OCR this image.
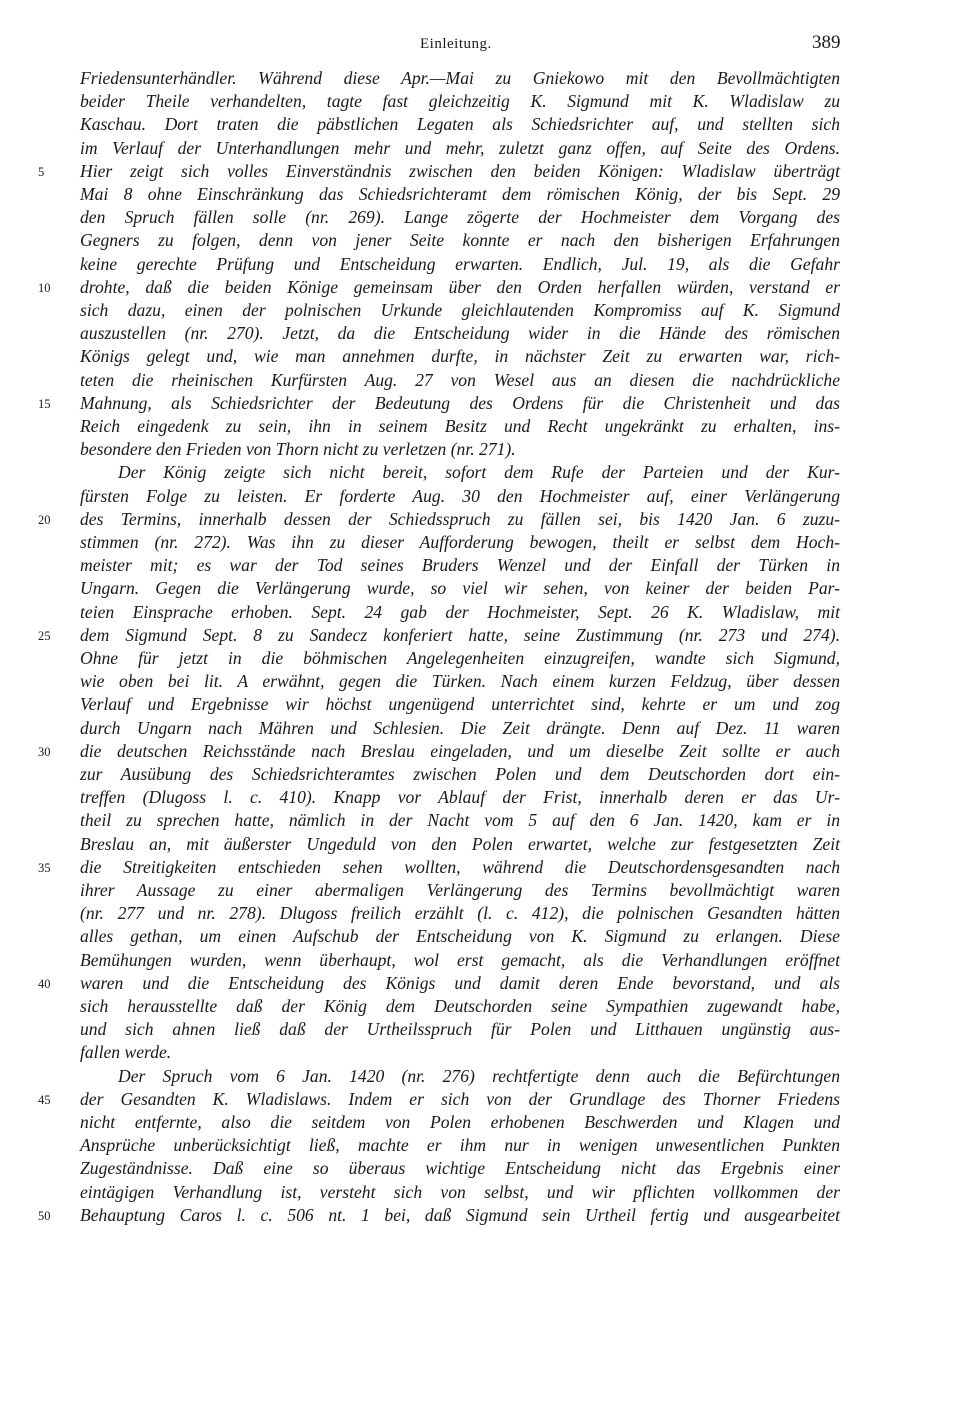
Einleitung.	389
Friedensunterhändler. Während diese Apr.—Mai zu Gniekowo mit den Bevollmächtigten
beider Theile verhandelten, tagte fast gleichzeitig K. Sigmund mit K. Wladislaw zu
Kaschau. Dort traten die päbstlichen Legaten als Schiedsrichter auf, und stellten sich
im Verlauf der Unterhandlungen mehr und mehr, zuletzt ganz offen, auf Seite des Ordens.
Hier zeigt sich volles Einverständnis zwischen den beiden Königen: Wladislaw überträgt
5
Mai 8 ohne Einschränkung das Schiedsrichteramt dem römischen König, der bis Sept. 29
den Spruch fällen solle (nr. 269). Lange zögerte der Hochmeister dem Vorgang des
Gegners zu folgen, denn von jener Seite konnte er nach den bisherigen Erfahrungen
keine gerechte Prüfung und Entscheidung erwarten. Endlich, Jul. 19, als die Gefahr
drohte, daß die beiden Könige gemeinsam über den Orden herfallen würden, verstand er
10
sich dazu, einen der polnischen Urkunde gleichlautenden Kompromiss auf K. Sigmund
auszustellen (nr. 270). Jetzt, da die Entscheidung wider in die Hände des römischen
Königs gelegt und, wie man annehmen durfte, in nächster Zeit zu erwarten war, rich-
teten die rheinischen Kurfürsten Aug. 27 von Wesel aus an diesen die nachdrückliche
Mahnung, als Schiedsrichter der Bedeutung des Ordens für die Christenheit und das
15
Reich eingedenk zu sein, ihn in seinem Besitz und Recht ungekränkt zu erhalten, ins-
besondere den Frieden von Thorn nicht zu verletzen (nr. 271).
Der König zeigte sich nicht bereit, sofort dem Rufe der Parteien und der Kur-
fürsten Folge zu leisten. Er forderte Aug. 30 den Hochmeister auf, einer Verlängerung
des Termins, innerhalb dessen der Schiedsspruch zu fällen sei, bis 1420 Jan. 6 zuzu-
20
stimmen (nr. 272). Was ihn zu dieser Aufforderung bewogen, theilt er selbst dem Hoch-
meister mit; es war der Tod seines Bruders Wenzel und der Einfall der Türken in
Ungarn. Gegen die Verlängerung wurde, so viel wir sehen, von keiner der beiden Par-
teien Einsprache erhoben. Sept. 24 gab der Hochmeister, Sept. 26 K. Wladislaw, mit
dem Sigmund Sept. 8 zu Sandecz konferiert hatte, seine Zustimmung (nr. 273 und 274).
25
Ohne für jetzt in die böhmischen Angelegenheiten einzugreifen, wandte sich Sigmund,
wie oben bei lit. A erwähnt, gegen die Türken. Nach einem kurzen Feldzug, über dessen
Verlauf und Ergebnisse wir höchst ungenügend unterrichtet sind, kehrte er um und zog
durch Ungarn nach Mähren und Schlesien. Die Zeit drängte. Denn auf Dez. 11 waren
die deutschen Reichsstände nach Breslau eingeladen, und um dieselbe Zeit sollte er auch
30
zur Ausübung des Schiedsrichteramtes zwischen Polen und dem Deutschorden dort ein-
treffen (Dlugoss l. c. 410). Knapp vor Ablauf der Frist, innerhalb deren er das Ur-
theil zu sprechen hatte, nämlich in der Nacht vom 5 auf den 6 Jan. 1420, kam er in
Breslau an, mit äußerster Ungeduld von den Polen erwartet, welche zur festgesetzten Zeit
die Streitigkeiten entschieden sehen wollten, während die Deutschordensgesandten nach
35
ihrer Aussage zu einer abermaligen Verlängerung des Termins bevollmächtigt waren
(nr. 277 und nr. 278). Dlugoss freilich erzählt (l. c. 412), die polnischen Gesandten hätten
alles gethan, um einen Aufschub der Entscheidung von K. Sigmund zu erlangen. Diese
Bemühungen wurden, wenn überhaupt, wol erst gemacht, als die Verhandlungen eröffnet
waren und die Entscheidung des Königs und damit deren Ende bevorstand, und als
40
sich herausstellte daß der König dem Deutschorden seine Sympathien zugewandt habe,
und sich ahnen ließ daß der Urtheilsspruch für Polen und Litthauen ungünstig aus-
fallen werde.
Der Spruch vom 6 Jan. 1420 (nr. 276) rechtfertigte denn auch die Befürchtungen
der Gesandten K. Wladislaws. Indem er sich von der Grundlage des Thorner Friedens
45
nicht entfernte, also die seitdem von Polen erhobenen Beschwerden und Klagen und
Ansprüche unberücksichtigt ließ, machte er ihm nur in wenigen unwesentlichen Punkten
Zugeständnisse. Daß eine so überaus wichtige Entscheidung nicht das Ergebnis einer
eintägigen Verhandlung ist, versteht sich von selbst, und wir pflichten vollkommen der
Behauptung Caros l. c. 506 nt. 1 bei, daß Sigmund sein Urtheil fertig und ausgearbeitet
50
